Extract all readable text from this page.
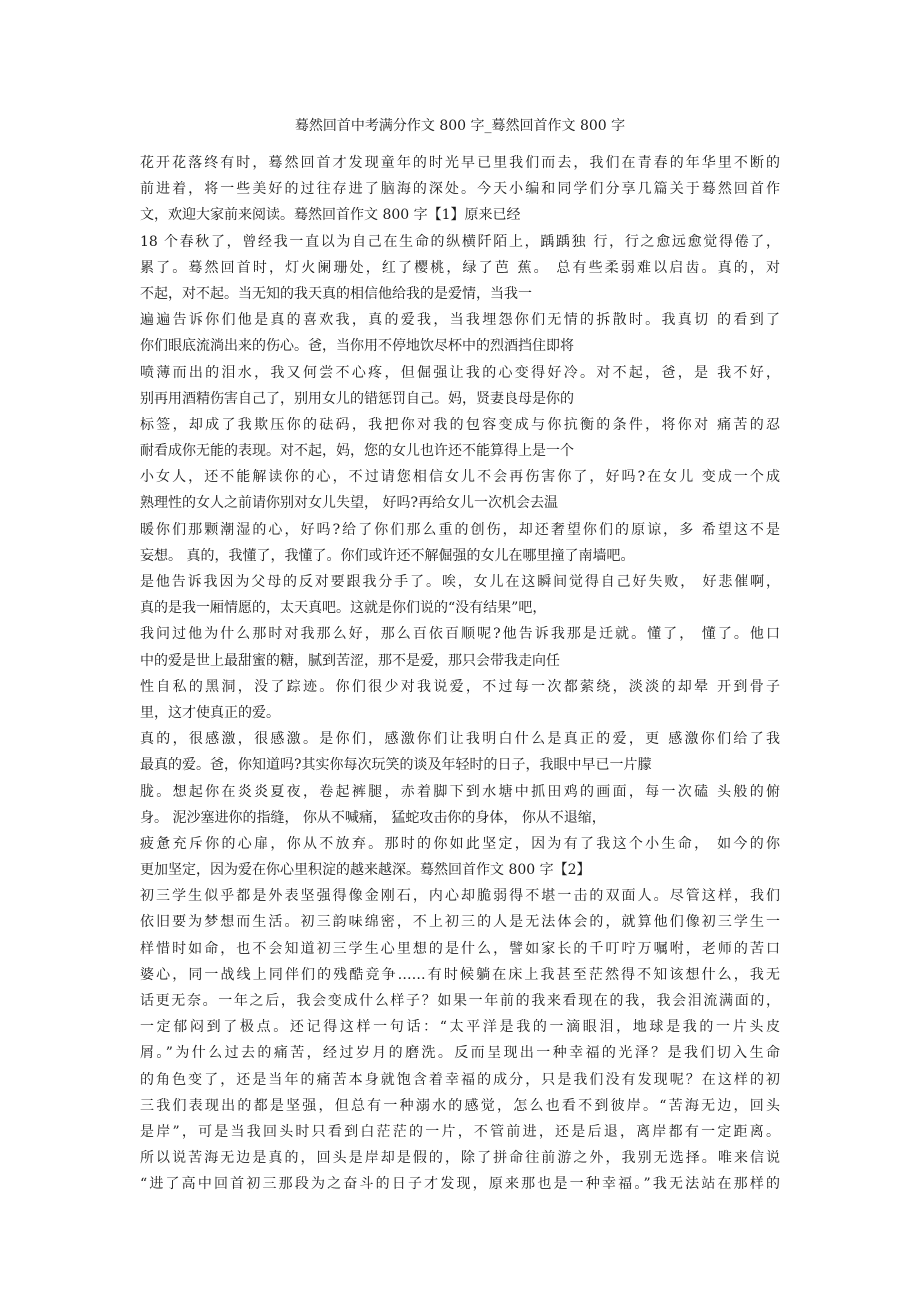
蓦然回首中考满分作文 800 字_蓦然回首作文 800 字
花开花落终有时，蓦然回首才发现童年的时光早已里我们而去，我们在青春的年华里不断的
前进着，将一些美好的过往存进了脑海的深处。今天小编和同学们分享几篇关于蓦然回首作
文，欢迎大家前来阅读。蓦然回首作文 800 字【1】原来已经
18 个春秋了，曾经我一直以为自己在生命的纵横阡陌上，踽踽独 行，行之愈远愈觉得倦了，
累了。蓦然回首时，灯火阑珊处，红了樱桃，绿了芭 蕉。 总有些柔弱难以启齿。真的，对
不起，对不起。当无知的我天真的相信他给我的是爱情，当我一
遍遍告诉你们他是真的喜欢我，真的爱我，当我埋怨你们无情的拆散时。我真切 的看到了
你们眼底流淌出来的伤心。爸，当你用不停地饮尽杯中的烈酒挡住即将
喷薄而出的泪水，我又何尝不心疼，但倔强让我的心变得好冷。对不起，爸，是 我不好，
别再用酒精伤害自己了，别用女儿的错惩罚自己。妈，贤妻良母是你的
标签，却成了我欺压你的砝码，我把你对我的包容变成与你抗衡的条件，将你对 痛苦的忍
耐看成你无能的表现。对不起，妈，您的女儿也许还不能算得上是一个
小女人，还不能解读你的心，不过请您相信女儿不会再伤害你了，好吗?在女儿 变成一个成
熟理性的女人之前请你别对女儿失望， 好吗?再给女儿一次机会去温
暖你们那颗潮湿的心，好吗?给了你们那么重的创伤，却还奢望你们的原谅，多 希望这不是
妄想。 真的，我懂了，我懂了。你们或许还不解倔强的女儿在哪里撞了南墙吧。
是他告诉我因为父母的反对要跟我分手了。唉，女儿在这瞬间觉得自己好失败， 好悲催啊，
真的是我一厢情愿的，太天真吧。这就是你们说的“没有结果”吧，
我问过他为什么那时对我那么好，那么百依百顺呢?他告诉我那是迁就。懂了， 懂了。他口
中的爱是世上最甜蜜的糖，腻到苦涩，那不是爱，那只会带我走向任
性自私的黑洞，没了踪迹。你们很少对我说爱，不过每一次都萦绕，淡淡的却晕 开到骨子
里，这才使真正的爱。
真的，很感激，很感激。是你们，感激你们让我明白什么是真正的爱，更 感激你们给了我
最真的爱。爸，你知道吗?其实你每次玩笑的谈及年轻时的日子，我眼中早已一片朦
胧。想起你在炎炎夏夜，卷起裤腿，赤着脚下到水塘中抓田鸡的画面，每一次磕 头般的俯
身。 泥沙塞进你的指缝， 你从不喊痛， 猛蛇攻击你的身体， 你从不退缩，
疲惫充斥你的心扉，你从不放弃。那时的你如此坚定，因为有了我这个小生命， 如今的你
更加坚定，因为爱在你心里积淀的越来越深。蓦然回首作文 800 字【2】
初三学生似乎都是外表坚强得像金刚石，内心却脆弱得不堪一击的双面人。尽管这样，我们
依旧要为梦想而生活。初三韵味绵密，不上初三的人是无法体会的，就算他们像初三学生一
样惜时如命，也不会知道初三学生心里想的是什么，譬如家长的千叮咛万嘱咐，老师的苦口
婆心，同一战线上同伴们的残酷竞争……有时候躺在床上我甚至茫然得不知该想什么，我无
话更无奈。一年之后，我会变成什么样子？如果一年前的我来看现在的我，我会泪流满面的，
一定郁闷到了极点。还记得这样一句话：“太平洋是我的一滴眼泪，地球是我的一片头皮
屑。”为什么过去的痛苦，经过岁月的磨洗。反而呈现出一种幸福的光泽？是我们切入生命
的角色变了，还是当年的痛苦本身就饱含着幸福的成分，只是我们没有发现呢？在这样的初
三我们表现出的都是坚强，但总有一种溺水的感觉，怎么也看不到彼岸。“苦海无边，回头
是岸”，可是当我回头时只看到白茫茫的一片，不管前进，还是后退，离岸都有一定距离。
所以说苦海无边是真的，回头是岸却是假的，除了拼命往前游之外，我别无选择。唯来信说
“进了高中回首初三那段为之奋斗的日子才发现，原来那也是一种幸福。”我无法站在那样的
